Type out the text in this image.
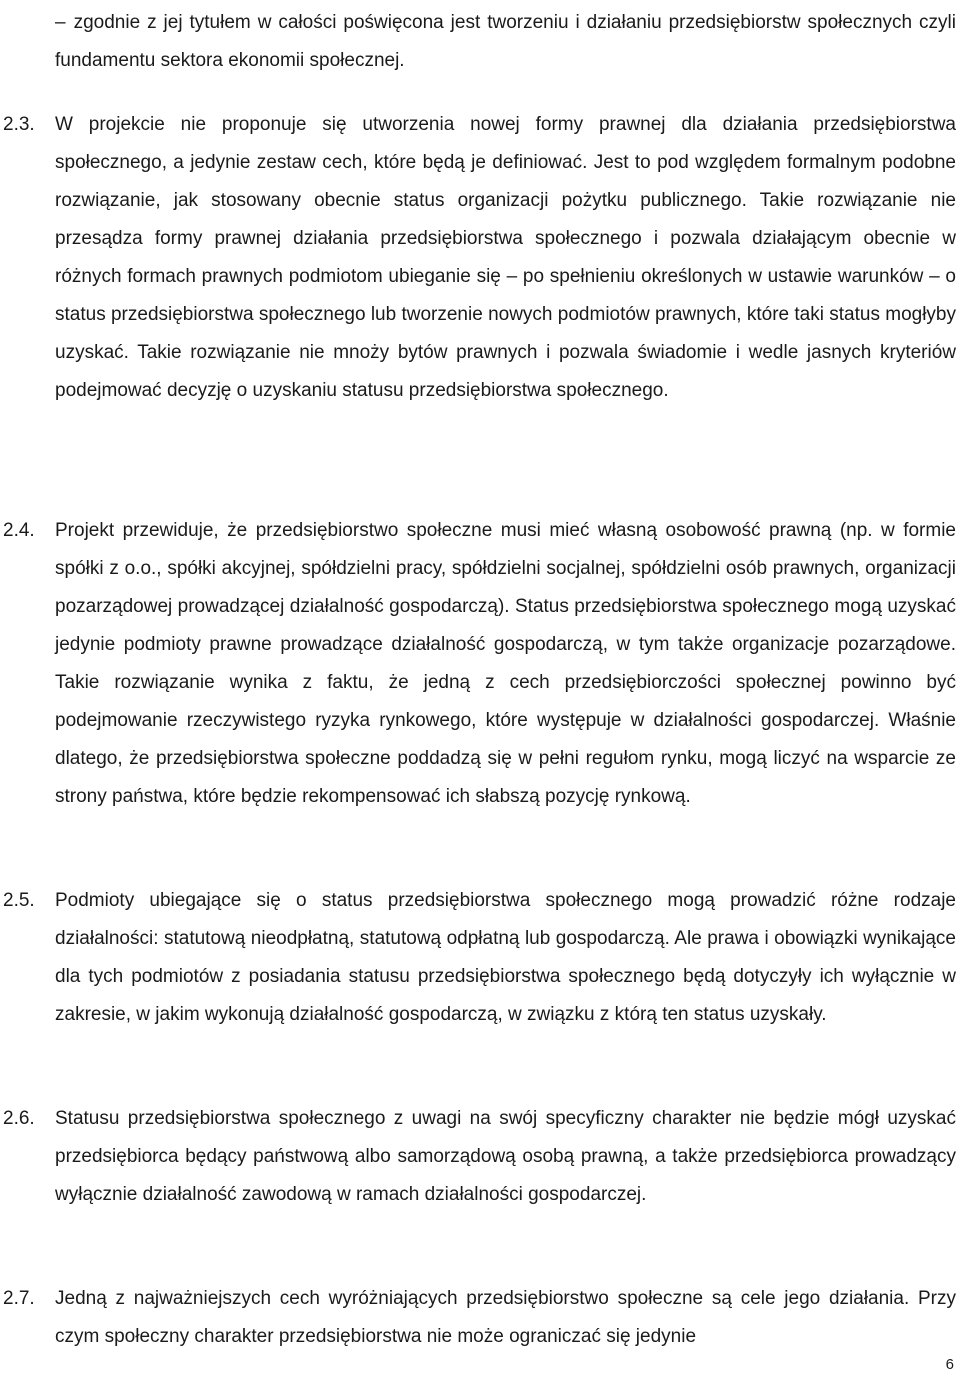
– zgodnie z jej tytułem w całości poświęcona jest tworzeniu i działaniu przedsiębiorstw społecznych czyli fundamentu sektora ekonomii społecznej.
2.3. W projekcie nie proponuje się utworzenia nowej formy prawnej dla działania przedsiębiorstwa społecznego, a jedynie zestaw cech, które będą je definiować. Jest to pod względem formalnym podobne rozwiązanie, jak stosowany obecnie status organizacji pożytku publicznego. Takie rozwiązanie nie przesądza formy prawnej działania przedsiębiorstwa społecznego i pozwala działającym obecnie w różnych formach prawnych podmiotom ubieganie się – po spełnieniu określonych w ustawie warunków – o status przedsiębiorstwa społecznego lub tworzenie nowych podmiotów prawnych, które taki status mogłyby uzyskać. Takie rozwiązanie nie mnoży bytów prawnych i pozwala świadomie i wedle jasnych kryteriów podejmować decyzję o uzyskaniu statusu przedsiębiorstwa społecznego.
2.4. Projekt przewiduje, że przedsiębiorstwo społeczne musi mieć własną osobowość prawną (np. w formie spółki z o.o., spółki akcyjnej, spółdzielni pracy, spółdzielni socjalnej, spółdzielni osób prawnych, organizacji pozarządowej prowadzącej działalność gospodarczą). Status przedsiębiorstwa społecznego mogą uzyskać jedynie podmioty prawne prowadzące działalność gospodarczą, w tym także organizacje pozarządowe. Takie rozwiązanie wynika z faktu, że jedną z cech przedsiębiorczości społecznej powinno być podejmowanie rzeczywistego ryzyka rynkowego, które występuje w działalności gospodarczej. Właśnie dlatego, że przedsiębiorstwa społeczne poddadzą się w pełni regułom rynku, mogą liczyć na wsparcie ze strony państwa, które będzie rekompensować ich słabszą pozycję rynkową.
2.5. Podmioty ubiegające się o status przedsiębiorstwa społecznego mogą prowadzić różne rodzaje działalności: statutową nieodpłatną, statutową odpłatną lub gospodarczą. Ale prawa i obowiązki wynikające dla tych podmiotów z posiadania statusu przedsiębiorstwa społecznego będą dotyczyły ich wyłącznie w zakresie, w jakim wykonują działalność gospodarczą, w związku z którą ten status uzyskały.
2.6. Statusu przedsiębiorstwa społecznego z uwagi na swój specyficzny charakter nie będzie mógł uzyskać przedsiębiorca będący państwową albo samorządową osobą prawną, a także przedsiębiorca prowadzący wyłącznie działalność zawodową w ramach działalności gospodarczej.
2.7. Jedną z najważniejszych cech wyróżniających przedsiębiorstwo społeczne są cele jego działania. Przy czym społeczny charakter przedsiębiorstwa nie może ograniczać się jedynie
6
